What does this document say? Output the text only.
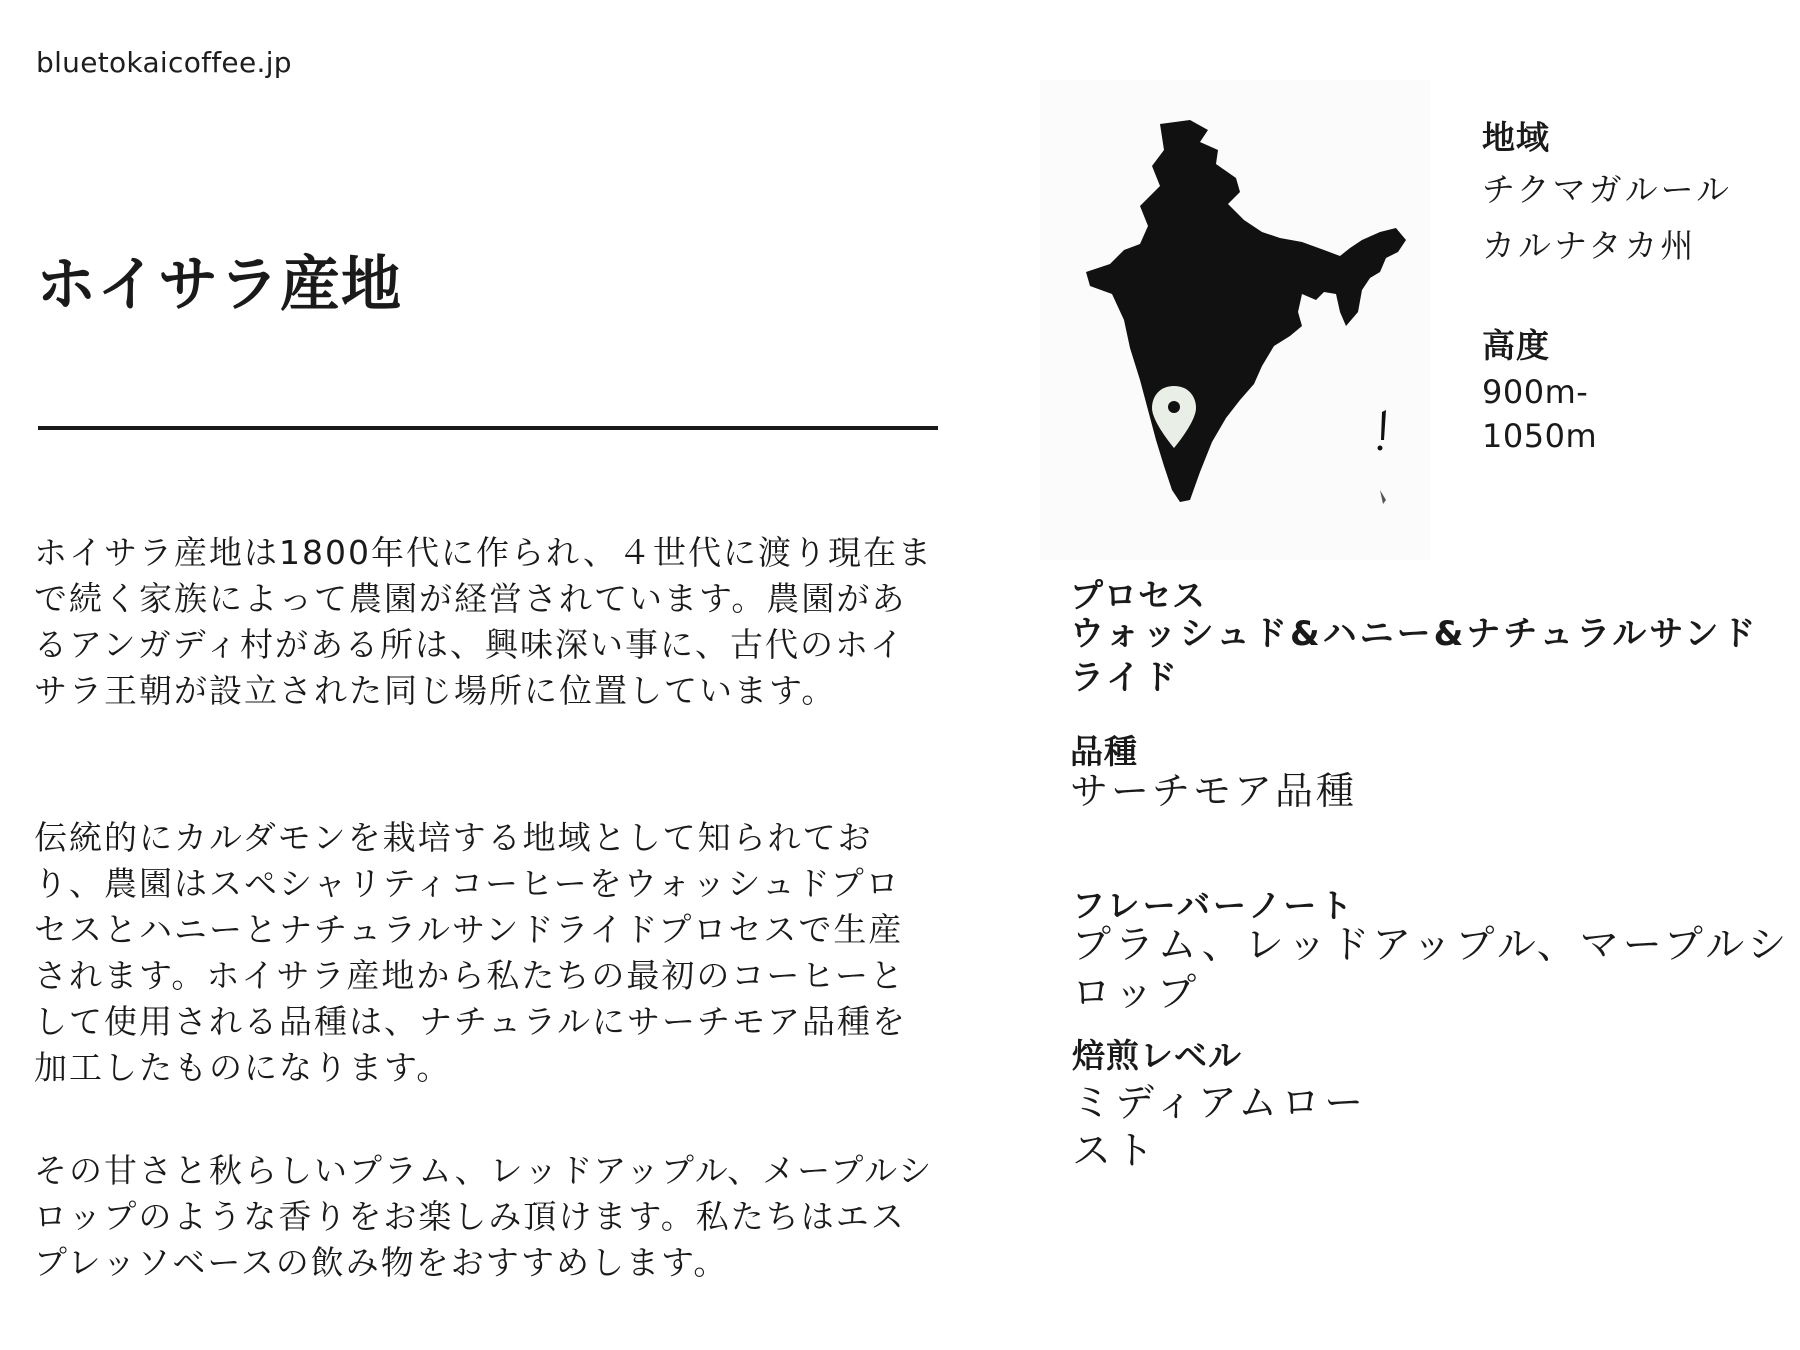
bluetokaicoffee.jp
ホイサラ産地

ホイサラ産地は1800年代に作られ、４世代に渡り現在まで続く家族によって農園が経営されています。農園があるアンガディ村がある所は、興味深い事に、古代のホイサラ王朝が設立された同じ場所に位置しています。

伝統的にカルダモンを栽培する地域として知られており、農園はスペシャリティコーヒーをウォッシュドプロセスとハニーとナチュラルサンドライドプロセスで生産されます。ホイサラ産地から私たちの最初のコーヒーとして使用される品種は、ナチュラルにサーチモア品種を加工したものになります。

その甘さと秋らしいプラム、レッドアップル、メープルシロップのような香りをお楽しみ頂けます。私たちはエスプレッソベースの飲み物をおすすめします。

地域
チクマガルール
カルナタカ州
高度
900m-
1050m
プロセス
ウォッシュド&ハニー&ナチュラルサンドライド
品種
サーチモア品種
フレーバーノート
プラム、レッドアップル、マープルシロップ
焙煎レベル
ミディアムロースト
